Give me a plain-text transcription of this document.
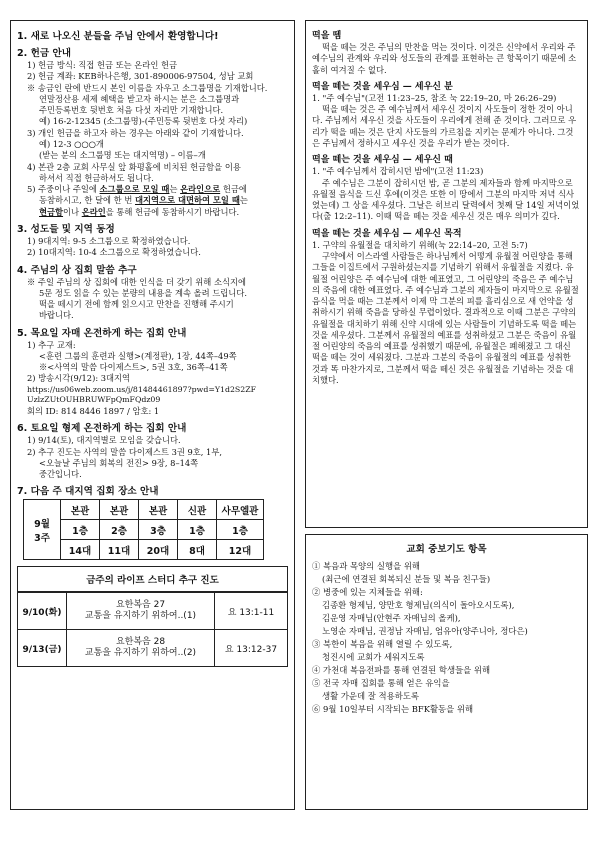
1. 새로 나오신 분들을 주님 안에서 환영합니다!
2. 헌금 안내
1) 헌금 방식: 직접 헌금 또는 온라인 헌금
2) 헌금 계좌: KEB하나은행, 301-890006-97504, 성남 교회
※ 송금인 란에 반드시 본인 이름을 자우고 소그룹명을 기재합니다.
연말정산용 세제 혜택을 받고자 하시는 분은 소그룹명과
주민등록번호 뒷번호 처음 다섯 자리만 기재합니다.
예) 16-2-12345 (소그룹명)-(주민등록 뒷번호 다섯 자리)
3) 개인 헌금을 하고자 하는 경우는 아래와 같이 기재합니다.
예) 12-3 ○○○개
(받는 분의 소그룹명 또는 대지역명) – 이름–개
4) 본관 2층 교회 사무실 앞 화평홀에 비치된 헌금함을 이용
하셔서 직접 헌금하셔도 됩니다.
5) 주중이나 주일에 소그룹으로 모일 때는 온라인으로 헌금에
동참하시고, 한 달에 한 번 대지역으로 대면하여 모일 때는
현금함이나 온라인을 통해 헌금에 동참하시기 바랍니다.
3. 성도들 및 지역 동정
1) 9대지역: 9-5 소그룹으로 확정하였습니다.
2) 10대지역: 10-4 소그룹으로 확정하였습니다.
4. 주님의 상 집회 말씀 추구
※ 주일 주님의 상 집회에 대한 인식을 더 갖기 위해 소식지에
5문 정도 읽을 수 있는 분량의 내용을 계속 올려 드립니다.
떡을 떼시기 전에 함께 읽으시고 만찬을 진행해 주시기
바랍니다.
5. 목요일 자매 온전하게 하는 집회 안내
1) 추구 교재:
<훈련 그룹의 훈련과 실행>(계정판), 1장, 44쪽–49쪽
※<사역의 말씀 다이제스트>, 5권 3호, 36쪽–41쪽
2) 방송시각(9/12): 3대지역
https://us06web.zoom.us/j/81484461897?pwd=Y1d2S2ZF
UzlzZUtOUHBRUWFpQmFQdz09
회의 ID: 814 8446 1897 / 암호: 1
6. 토요일 형제 온전하게 하는 집회 안내
1) 9/14(토), 대지역별로 모임을 갖습니다.
2) 추구 진도는 사역의 말씀 다이제스트 3권 9호, 1부,
<오늘날 주님의 회복의 전진> 9장, 8–14쪽
중간입니다.
7. 다음 주 대지역 집회 장소 안내
9월
3주	본관	본관	본관	신관	사무엘관
	1층	2층	3층	1층	1층
	14대	11대	20대	8대	12대
금주의 라이프 스터디 추구 진도
9/10(화)
요한복음 27
교통을 유지하기 위하여..(1)	요 13:1-11
9/13(금)
요한복음 28
교통을 유지하기 위하여..(2)	요 13:12-37
떡을 뗌
떡을 떼는 것은 주님의 만찬을 먹는 것이다. 이것은 신약에서 우리와 주 예수님의 관계와 우리와 성도들의 관계를 표현하는 큰 항목이기 때문에 소홀히 여겨질 수 없다.
떡을 떼는 것을 세우심 — 세우신 분
1. "주 예수님"(고전 11:23–25, 참조 눅 22:19–20, 마 26:26–29)
떡을 떼는 것은 주 예수님께서 세우신 것이지 사도들이 정한 것이 아니다. 주님께서 세우신 것을 사도들이 우리에게 전해 준 것이다. 그러므로 우리가 떡을 떼는 것은 단지 사도들의 가르침을 지키는 문제가 아니다. 그것은 주님께서 정하시고 세우신 것을 우리가 받는 것이다.
떡을 떼는 것을 세우심 — 세우신 때
1. "주 예수님께서 잡히시던 밤에"(고전 11:23)
주 예수님은 그분이 잡히시던 밤, 곧 그분의 제자들과 함께 마지막으로 유월절 음식을 드신 후에(이것은 또한 이 땅에서 그분의 마지막 저녁 식사였는데) 그 상을 세우셨다. 그날은 히브리 달력에서 첫째 달 14일 저녁이었다(출 12:2–11). 이때 떡을 떼는 것을 세우신 것은 매우 의미가 깊다.
떡을 떼는 것을 세우심 — 세우신 목적
1. 구약의 유월절을 대치하기 위해(눅 22:14–20, 고전 5:7)
구약에서 이스라엘 사람들은 하나님께서 어떻게 유월절 어린양을 통해 그들을 이집트에서 구원하셨는지를 기념하기 위해서 유월절을 지켰다. 유월절 어린양은 주 예수님에 대한 예표였고, 그 어린양의 죽음은 주 예수님의 죽음에 대한 예표였다. 주 예수님과 그분의 제자들이 마지막으로 유월절 음식을 먹을 때는 그분께서 이제 막 그분의 피를 흘리심으로 새 언약을 성취하시기 위해 죽음을 당하실 무렵이었다. 결과적으로 이때 그분은 구약의 유월절을 대치하기 위해 신약 시대에 있는 사람들이 기념하도록 떡을 떼는 것을 세우셨다. 그분께서 유월절의 예표를 성취하셨고 그분은 죽음이 유월절 어린양의 죽음의 예표를 성취했기 때문에, 유월절은 폐해졌고 그 대신 떡을 떼는 것이 세워졌다. 그분과 그분의 죽음이 유월절의 예표를 성취한 것과 똑 마찬가지로, 그분께서 떡을 떼신 것은 유월절을 기념하는 것을 대치했다.
교회 중보기도 항목
① 복음과 목양의 실행을 위해
(최근에 연결된 회복되신 분들 및 복음 친구들)
② 병중에 있는 지체들을 위해:
김종환 형제님, 양만호 형제님(의식이 돌아오시도록),
김운영 자매님(안현주 자매님의 올케),
노영순 자매님, 권정남 자매님, 엄유아(양주니아, 정다은)
③ 북한이 복음을 위해 열릴 수 있도록,
청진시에 교회가 세워지도록
④ 가천대 복음전파를 통해 연결된 학생들을 위해
⑤ 전국 자매 집회를 통해 얻은 유익을
생활 가운데 잘 적용하도록
⑥ 9월 10일부터 시작되는 BFK활동을 위해
